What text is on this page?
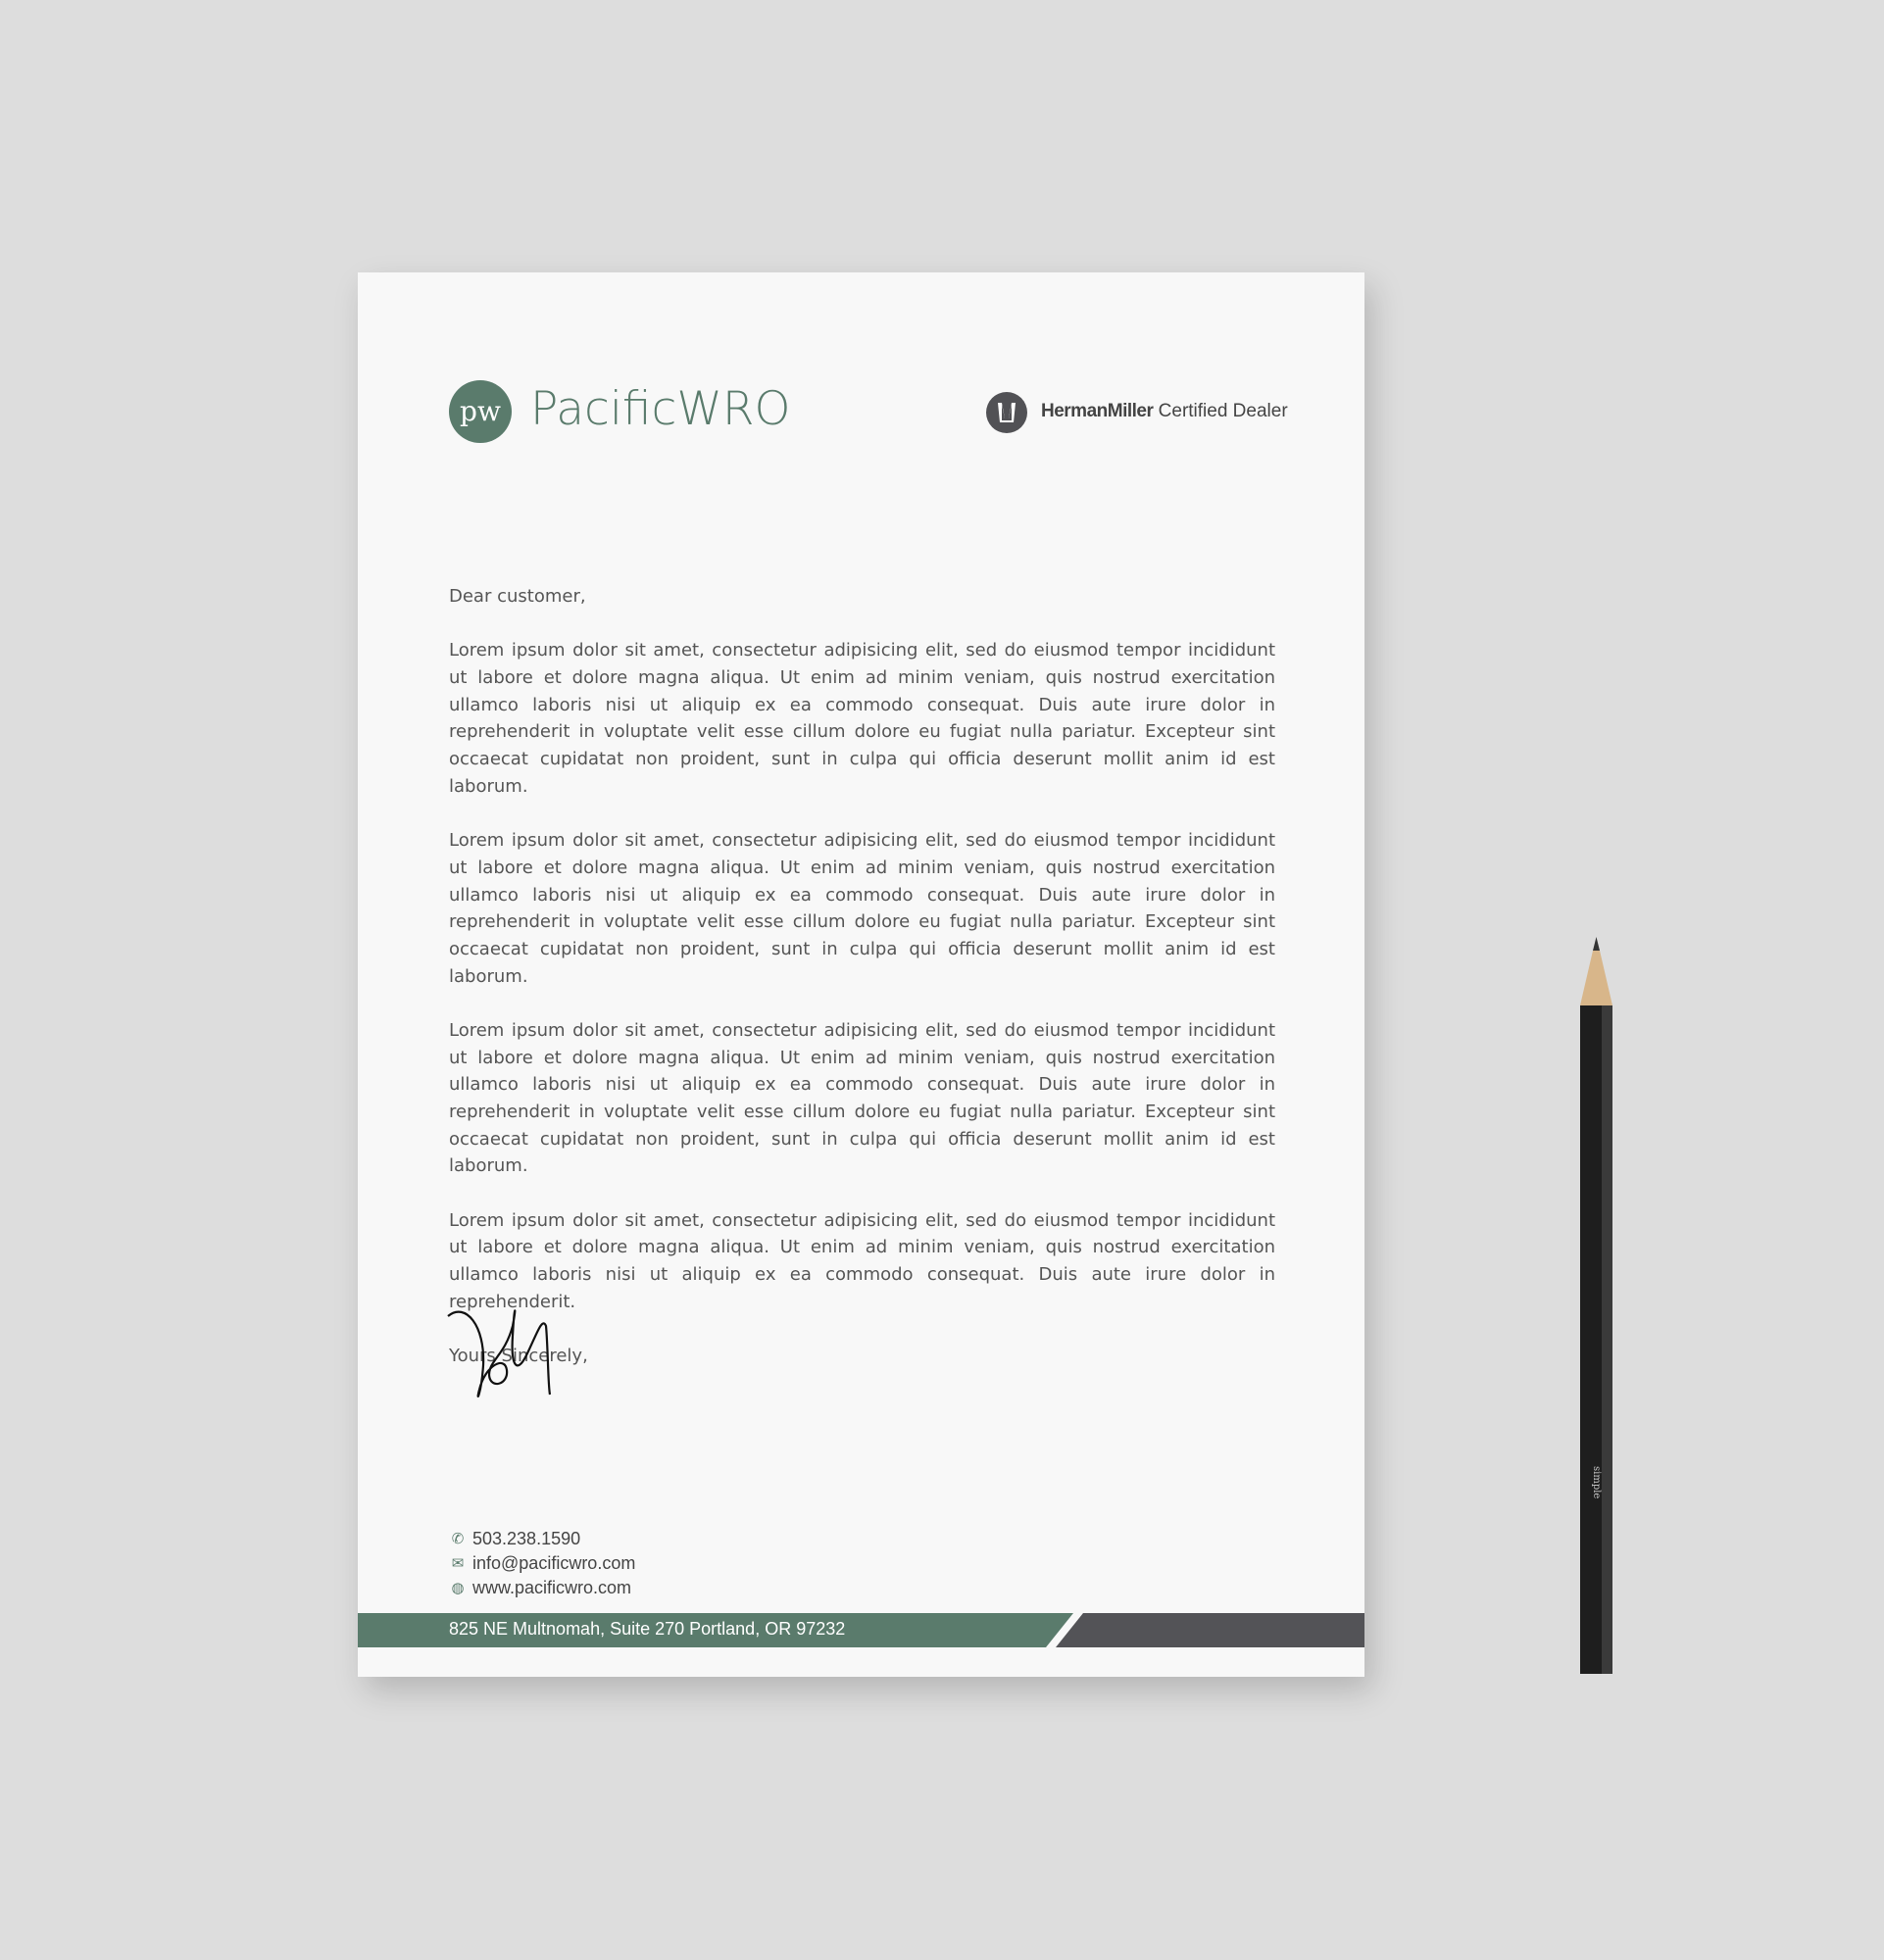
pw PacificWRO	HermanMiller Certified Dealer

Dear customer,

Lorem ipsum dolor sit amet, consectetur adipisicing elit, sed do eiusmod tempor incididunt ut labore et dolore magna aliqua. Ut enim ad minim veniam, quis nostrud exercitation ullamco laboris nisi ut aliquip ex ea commodo consequat. Duis aute irure dolor in reprehenderit in voluptate velit esse cillum dolore eu fugiat nulla pariatur. Excepteur sint occaecat cupidatat non proident, sunt in culpa qui officia deserunt mollit anim id est laborum.

Lorem ipsum dolor sit amet, consectetur adipisicing elit, sed do eiusmod tempor incididunt ut labore et dolore magna aliqua. Ut enim ad minim veniam, quis nostrud exercitation ullamco laboris nisi ut aliquip ex ea commodo consequat. Duis aute irure dolor in reprehenderit in voluptate velit esse cillum dolore eu fugiat nulla pariatur. Excepteur sint occaecat cupidatat non proident, sunt in culpa qui officia deserunt mollit anim id est laborum.

Lorem ipsum dolor sit amet, consectetur adipisicing elit, sed do eiusmod tempor incididunt ut labore et dolore magna aliqua. Ut enim ad minim veniam, quis nostrud exercitation ullamco laboris nisi ut aliquip ex ea commodo consequat. Duis aute irure dolor in reprehenderit in voluptate velit esse cillum dolore eu fugiat nulla pariatur. Excepteur sint occaecat cupidatat non proident, sunt in culpa qui officia deserunt mollit anim id est laborum.

Lorem ipsum dolor sit amet, consectetur adipisicing elit, sed do eiusmod tempor incididunt ut labore et dolore magna aliqua. Ut enim ad minim veniam, quis nostrud exercitation ullamco laboris nisi ut aliquip ex ea commodo consequat. Duis aute irure dolor in reprehenderit.

Yours Sincerely,

✆ 503.238.1590
✉ info@pacificwro.com
◍ www.pacificwro.com
825 NE Multnomah, Suite 270 Portland, OR 97232
simple
